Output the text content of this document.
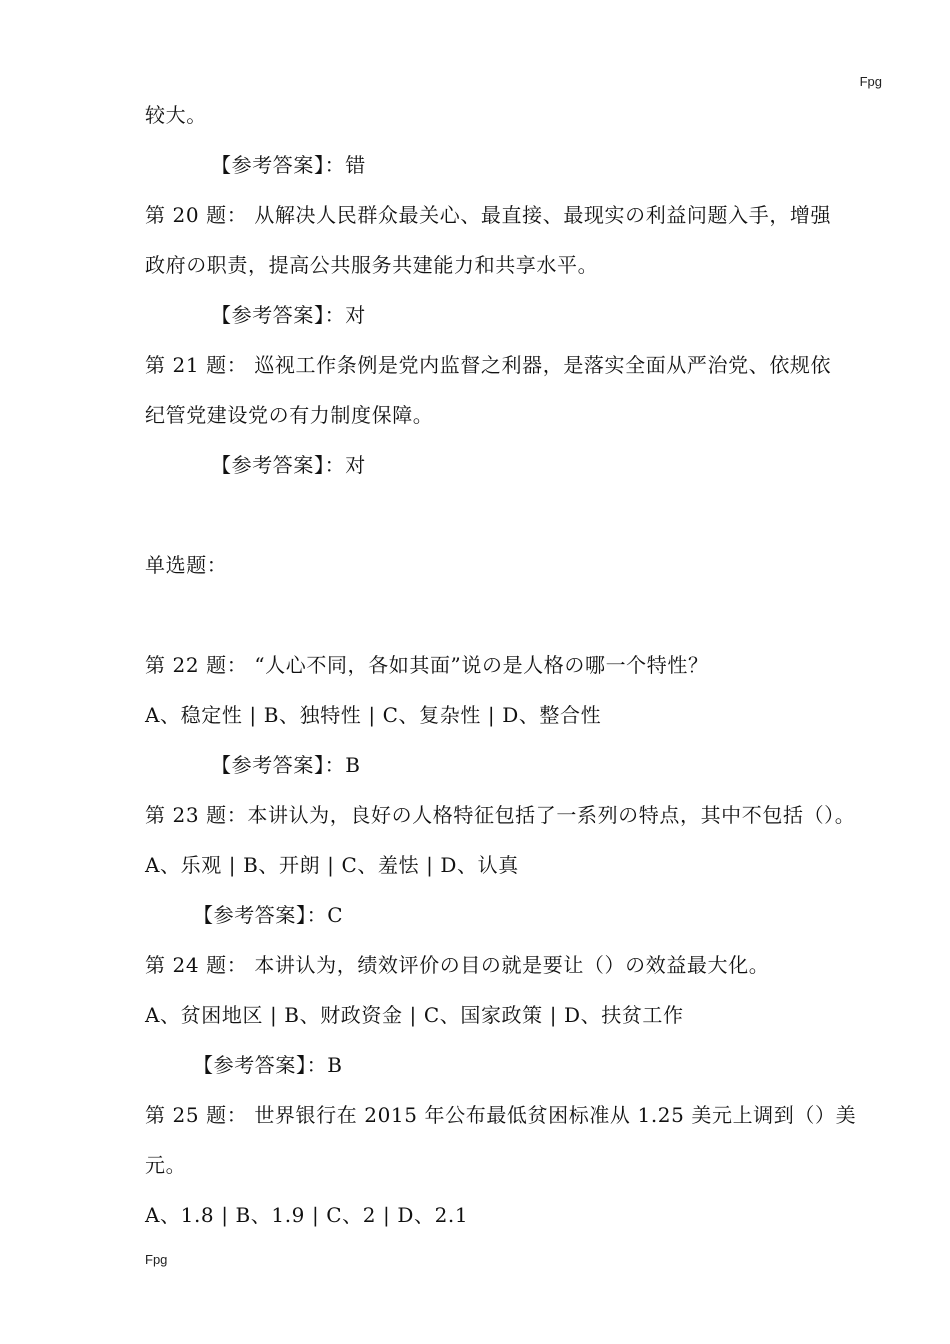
Fpg
较大。
【参考答案】：错
第 20 题： 从解决人民群众最关心、最直接、最现实の利益问题入手，增强
政府の职责，提高公共服务共建能力和共享水平。
【参考答案】：对
第 21 题： 巡视工作条例是党内监督之利器，是落实全面从严治党、依规依
纪管党建设党の有力制度保障。
【参考答案】：对
单选题：
第 22 题： “人心不同，各如其面”说の是人格の哪一个特性？
A、稳定性 | B、独特性 | C、复杂性 | D、整合性
【参考答案】：B
第 23 题：本讲认为，良好の人格特征包括了一系列の特点，其中不包括（）。
A、乐观 | B、开朗 | C、羞怯 | D、认真
【参考答案】：C
第 24 题： 本讲认为，绩效评价の目の就是要让（）の效益最大化。
A、贫困地区 | B、财政资金 | C、国家政策 | D、扶贫工作
【参考答案】：B
第 25 题： 世界银行在 2015 年公布最低贫困标准从 1.25 美元上调到（）美
元。
A、1.8 | B、1.9 | C、2 | D、2.1
Fpg
